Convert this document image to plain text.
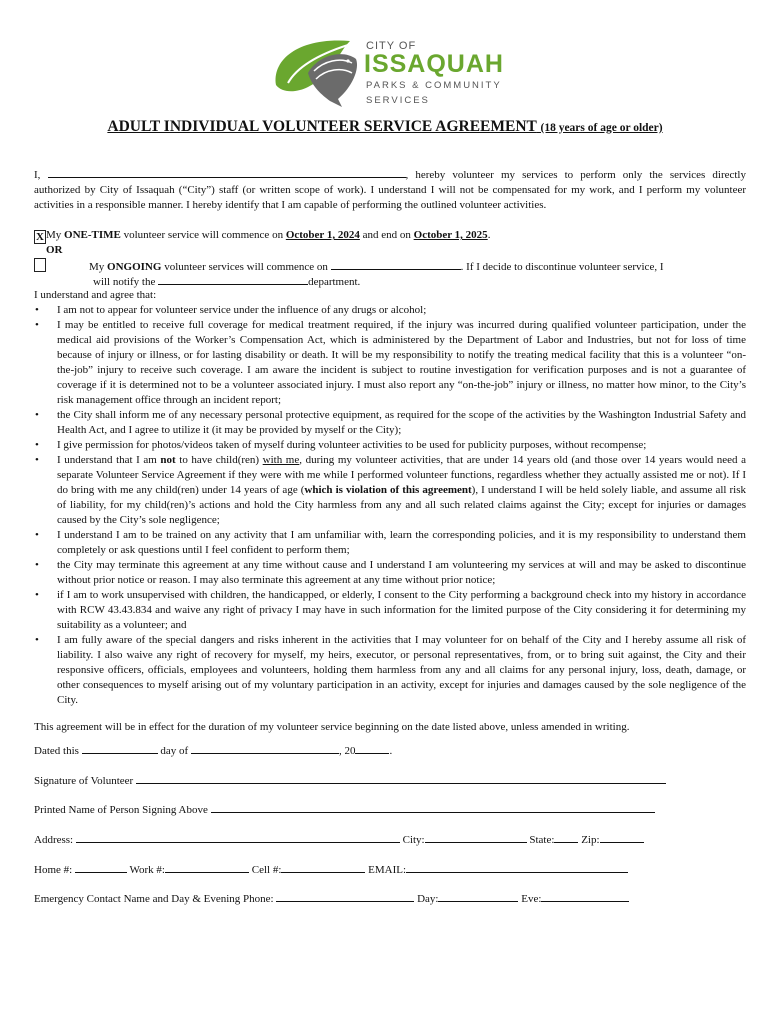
CITY OF
ISSAQUAH
PARKS & COMMUNITY
SERVICES
ADULT INDIVIDUAL VOLUNTEER SERVICE AGREEMENT (18 years of age or older)

I,	, hereby volunteer my services to perform only the services directly authorized by City of Issaquah (“City”) staff (or written scope of work). I understand I will not be compensated for my work, and I perform my volunteer activities in a responsible manner. I hereby identify that I am capable of performing the outlined volunteer activities.

X My ONE-TIME volunteer service will commence on October 1, 2024 and end on October 1, 2025.
OR
My ONGOING volunteer services will commence on	. If I decide to discontinue volunteer service, I
will notify the	department.
I understand and agree that:
• I am not to appear for volunteer service under the influence of any drugs or alcohol;
• I may be entitled to receive full coverage for medical treatment required, if the injury was incurred during qualified volunteer participation, under the medical aid provisions of the Worker’s Compensation Act, which is administered by the Department of Labor and Industries, but not for loss of time because of injury or illness, or for lasting disability or death. It will be my responsibility to notify the treating medical facility that this is a volunteer “on-the-job” injury to receive such coverage. I am aware the incident is subject to routine investigation for verification purposes and is not a guarantee of coverage if it is determined not to be a volunteer associated injury. I must also report any “on-the-job” injury or illness, no matter how minor, to the City’s risk management office through an incident report;
• the City shall inform me of any necessary personal protective equipment, as required for the scope of the activities by the Washington Industrial Safety and Health Act, and I agree to utilize it (it may be provided by myself or the City);
• I give permission for photos/videos taken of myself during volunteer activities to be used for publicity purposes, without recompense;
• I understand that I am not to have child(ren) with me, during my volunteer activities, that are under 14 years old (and those over 14 years would need a separate Volunteer Service Agreement if they were with me while I performed volunteer functions, regardless whether they actually assisted me or not). If I do bring with me any child(ren) under 14 years of age (which is violation of this agreement), I understand I will be held solely liable, and assume all risk of liability, for my child(ren)’s actions and hold the City harmless from any and all such related claims against the City; except for injuries or damages caused by the City’s sole negligence;
• I understand I am to be trained on any activity that I am unfamiliar with, learn the corresponding policies, and it is my responsibility to understand them completely or ask questions until I feel confident to perform them;
• the City may terminate this agreement at any time without cause and I understand I am volunteering my services at will and may be asked to discontinue without prior notice or reason. I may also terminate this agreement at any time without prior notice;
• if I am to work unsupervised with children, the handicapped, or elderly, I consent to the City performing a background check into my history in accordance with RCW 43.43.834 and waive any right of privacy I may have in such information for the limited purpose of the City considering it for determining my suitability as a volunteer; and
• I am fully aware of the special dangers and risks inherent in the activities that I may volunteer for on behalf of the City and I hereby assume all risk of liability. I also waive any right of recovery for myself, my heirs, executor, or personal representatives, from, or to bring suit against, the City and their responsive officers, officials, employees and volunteers, holding them harmless from any and all claims for any personal injury, loss, death, damage, or other consequences to myself arising out of my voluntary participation in an activity, except for injuries and damages caused by the sole negligence of the City.
This agreement will be in effect for the duration of my volunteer service beginning on the date listed above, unless amended in writing.
Dated this	day of	, 20	.
Signature of Volunteer
Printed Name of Person Signing Above
Address:	City:	State: Zip:
Home #:	Work #:	Cell #:	EMAIL:
Emergency Contact Name and Day & Evening Phone:	Day:	Eve:
